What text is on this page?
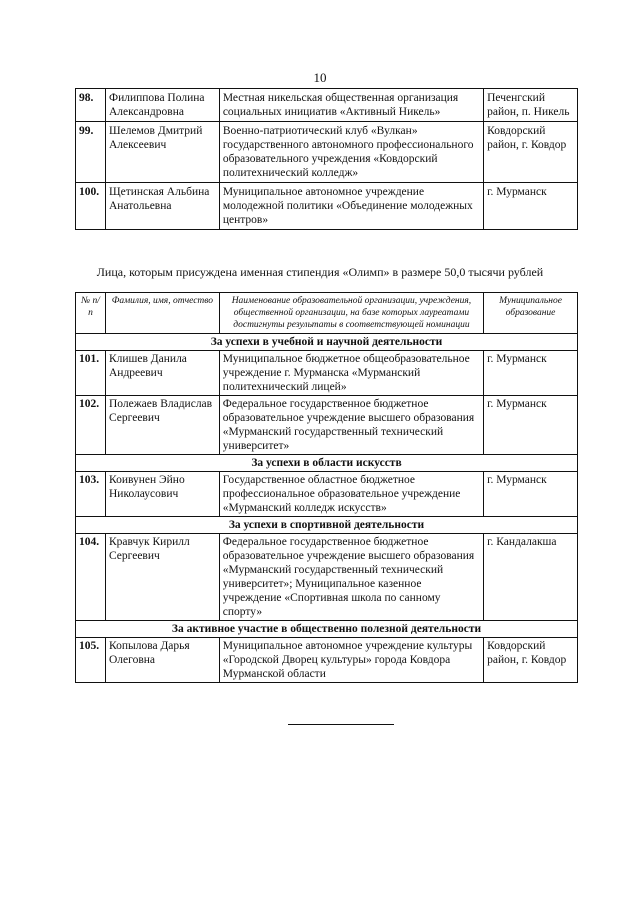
10
98.	Филиппова Полина Александровна	Местная никельская общественная организация социальных инициатив «Активный Никель»	Печенгский район, п. Никель
99.	Шелемов Дмитрий Алексеевич	Военно-патриотический клуб «Вулкан» государственного автономного профессионального образовательного учреждения «Ковдорский политехнический колледж»	Ковдорский район, г. Ковдор
100.	Щетинская Альбина Анатольевна	Муниципальное автономное учреждение молодежной политики «Объединение молодежных центров»	г. Мурманск
Лица, которым присуждена именная стипендия «Олимп» в размере 50,0 тысячи рублей
№ п/п	Фамилия, имя, отчество	Наименование образовательной организации, учреждения, общественной организации, на базе которых лауреатами достигнуты результаты в соответствующей номинации	Муниципальное образование
За успехи в учебной и научной деятельности			
101.	Клишев Данила Андреевич	Муниципальное бюджетное общеобразовательное учреждение г. Мурманска «Мурманский политехнический лицей»	г. Мурманск
102.	Полежаев Владислав Сергеевич	Федеральное государственное бюджетное образовательное учреждение высшего образования «Мурманский государственный технический университет»	г. Мурманск
За успехи в области искусств			
103.	Коивунен Эйно Николаусович	Государственное областное бюджетное профессиональное образовательное учреждение «Мурманский колледж искусств»	г. Мурманск
За успехи в спортивной деятельности			
104.	Кравчук Кирилл Сергеевич	Федеральное государственное бюджетное образовательное учреждение высшего образования «Мурманский государственный технический университет»; Муниципальное казенное учреждение «Спортивная школа по санному спорту»	г. Кандалакша
За активное участие в общественно полезной деятельности			
105.	Копылова Дарья Олеговна	Муниципальное автономное учреждение культуры «Городской Дворец культуры» города Ковдора Мурманской области	Ковдорский район, г. Ковдор
